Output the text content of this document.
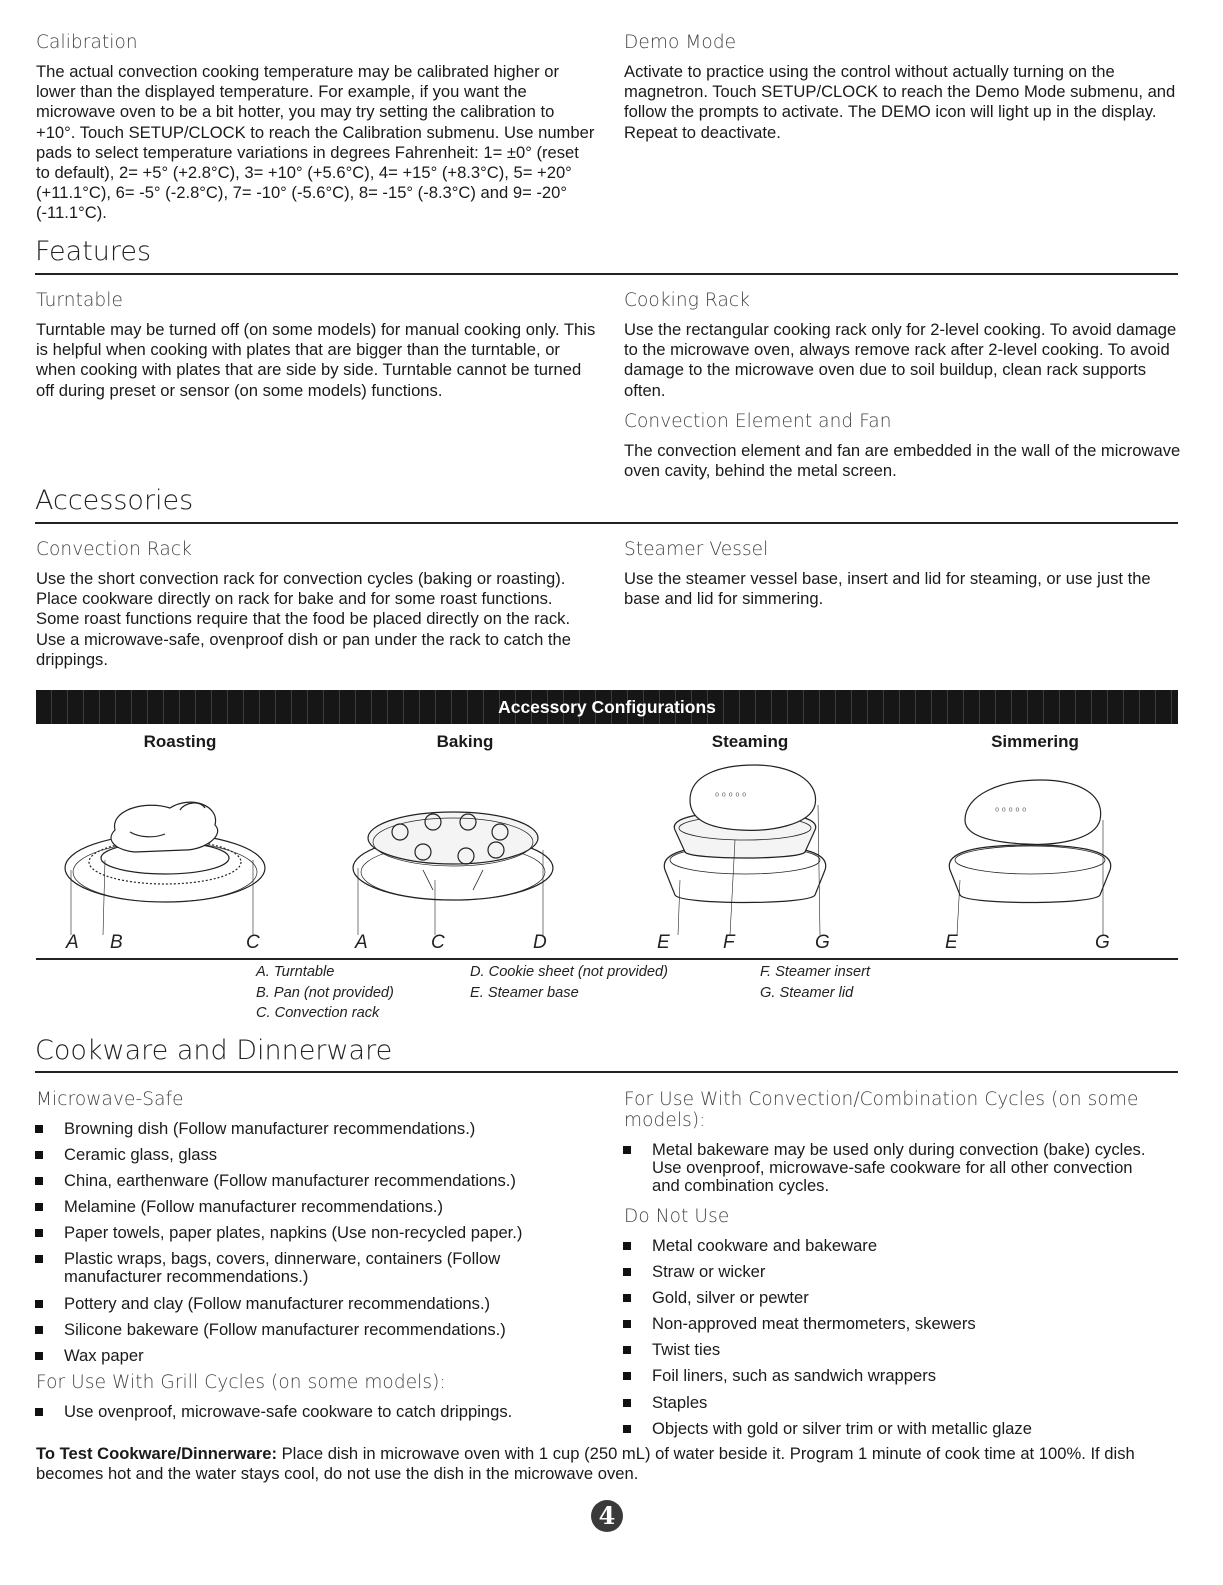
Calibration
The actual convection cooking temperature may be calibrated higher or lower than the displayed temperature. For example, if you want the microwave oven to be a bit hotter, you may try setting the calibration to +10°. Touch SETUP/CLOCK to reach the Calibration submenu. Use number pads to select temperature variations in degrees Fahrenheit: 1= ±0° (reset to default), 2= +5° (+2.8°C), 3= +10° (+5.6°C), 4= +15° (+8.3°C), 5= +20° (+11.1°C), 6= -5° (-2.8°C), 7= -10° (-5.6°C), 8= -15° (-8.3°C) and 9= -20° (-11.1°C).
Demo Mode
Activate to practice using the control without actually turning on the magnetron. Touch SETUP/CLOCK to reach the Demo Mode submenu, and follow the prompts to activate. The DEMO icon will light up in the display. Repeat to deactivate.
Features
Turntable
Turntable may be turned off (on some models) for manual cooking only. This is helpful when cooking with plates that are bigger than the turntable, or when cooking with plates that are side by side. Turntable cannot be turned off during preset or sensor (on some models) functions.
Cooking Rack
Use the rectangular cooking rack only for 2-level cooking. To avoid damage to the microwave oven, always remove rack after 2-level cooking. To avoid damage to the microwave oven due to soil buildup, clean rack supports often.
Convection Element and Fan
The convection element and fan are embedded in the wall of the microwave oven cavity, behind the metal screen.
Accessories
Convection Rack
Use the short convection rack for convection cycles (baking or roasting). Place cookware directly on rack for bake and for some roast functions. Some roast functions require that the food be placed directly on the rack. Use a microwave-safe, ovenproof dish or pan under the rack to catch the drippings.
Steamer Vessel
Use the steamer vessel base, insert and lid for steaming, or use just the base and lid for simmering.
Accessory Configurations
Roasting	Baking	Steaming	Simmering
⁰ ⁰ ⁰ ⁰ ⁰
⁰ ⁰ ⁰ ⁰ ⁰
A B	C	A	C	D	E	F	G	E	G
A. Turntable
B. Pan (not provided)
C. Convection rack
D. Cookie sheet (not provided)
E. Steamer base
F. Steamer insert
G. Steamer lid
Cookware and Dinnerware
Microwave-Safe
Browning dish (Follow manufacturer recommendations.)
Ceramic glass, glass
China, earthenware (Follow manufacturer recommendations.)
Melamine (Follow manufacturer recommendations.)
Paper towels, paper plates, napkins (Use non-recycled paper.)
Plastic wraps, bags, covers, dinnerware, containers (Follow manufacturer recommendations.)
Pottery and clay (Follow manufacturer recommendations.)
Silicone bakeware (Follow manufacturer recommendations.)
Wax paper
For Use With Grill Cycles (on some models):
Use ovenproof, microwave-safe cookware to catch drippings.
For Use With Convection/Combination Cycles (on some models):
Metal bakeware may be used only during convection (bake) cycles. Use ovenproof, microwave-safe cookware for all other convection and combination cycles.
Do Not Use
Metal cookware and bakeware
Straw or wicker
Gold, silver or pewter
Non-approved meat thermometers, skewers
Twist ties
Foil liners, such as sandwich wrappers
Staples
Objects with gold or silver trim or with metallic glaze
To Test Cookware/Dinnerware: Place dish in microwave oven with 1 cup (250 mL) of water beside it. Program 1 minute of cook time at 100%. If dish becomes hot and the water stays cool, do not use the dish in the microwave oven.
4
